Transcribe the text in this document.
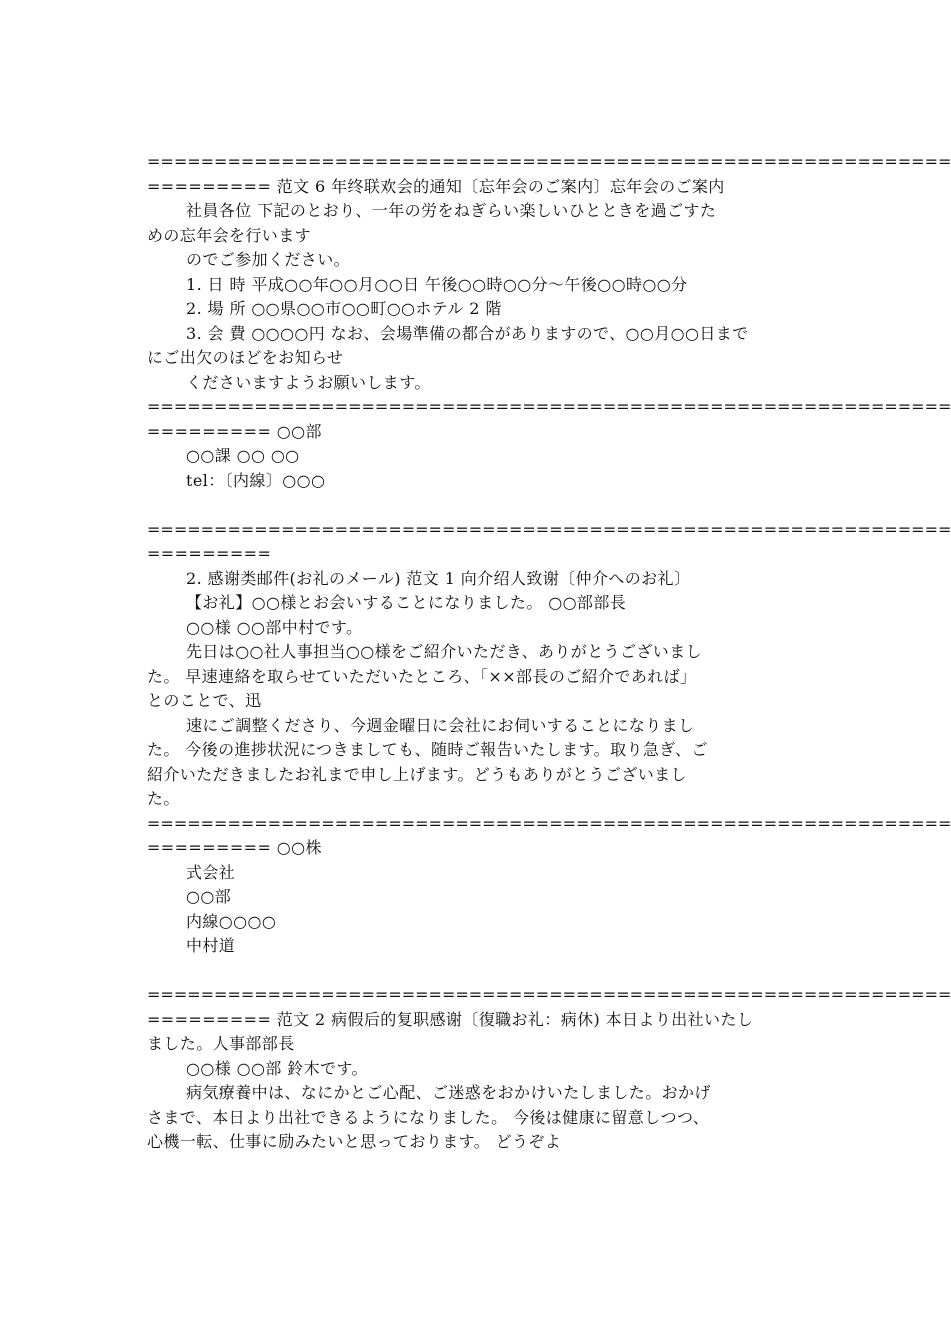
============================================================
========= 范文 6 年终联欢会的通知〔忘年会のご案内〕忘年会のご案内
社員各位 下記のとおり、一年の労をねぎらい楽しいひとときを過ごすた
めの忘年会を行います
のでご参加ください。
1. 日 時 平成○○年○○月○○日 午後○○時○○分～午後○○時○○分
2. 場 所 ○○県○○市○○町○○ホテル 2 階
3. 会 費 ○○○○円 なお、会場準備の都合がありますので、○○月○○日まで
にご出欠のほどをお知らせ
くださいますようお願いします。
============================================================
========= ○○部
○○課 ○○ ○○
tel：〔内線〕○○○
============================================================
=========
2. 感谢类邮件(お礼のメール) 范文 1 向介绍人致谢〔仲介へのお礼〕
【お礼】○○様とお会いすることになりました。 ○○部部長
○○様 ○○部中村です。
先日は○○社人事担当○○様をご紹介いただき、ありがとうございまし
た。 早速連絡を取らせていただいたところ、「××部長のご紹介であれば」
とのことで、迅
速にご調整くださり、今週金曜日に会社にお伺いすることになりまし
た。 今後の進捗状況につきましても、随時ご報告いたします。取り急ぎ、ご
紹介いただきましたお礼まで申し上げます。どうもありがとうございまし
た。
============================================================
========= ○○株
式会社
○○部
内線○○○○
中村道
============================================================
========= 范文 2 病假后的复职感谢〔復職お礼：病休) 本日より出社いたし
ました。人事部部長
○○様 ○○部 鈴木です。
病気療養中は、なにかとご心配、ご迷惑をおかけいたしました。おかげ
さまで、本日より出社できるようになりました。 今後は健康に留意しつつ、
心機一転、仕事に励みたいと思っております。 どうぞよ
